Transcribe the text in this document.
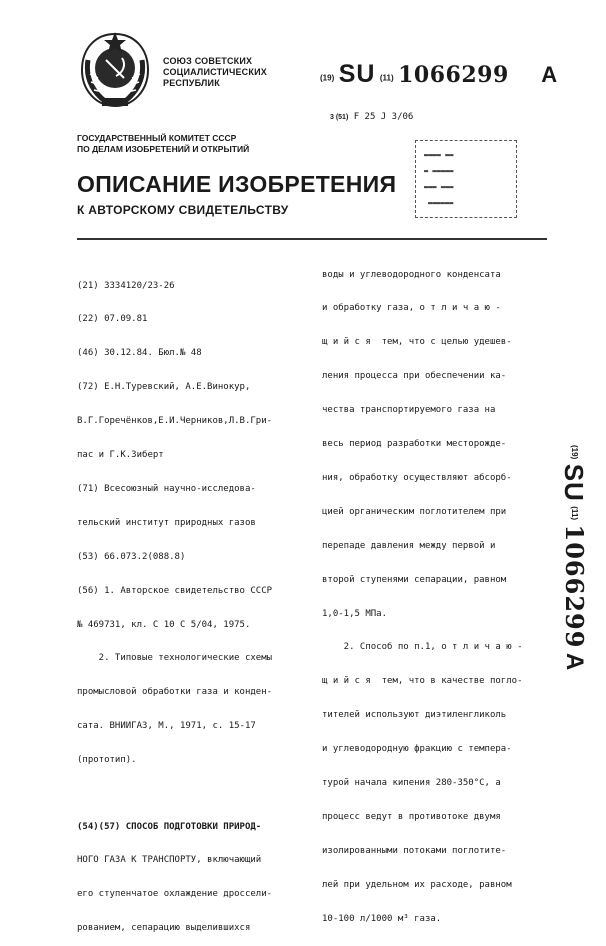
СОЮЗ СОВЕТСКИХ
СОЦИАЛИСТИЧЕСКИХ
РЕСПУБЛИК
(19) SU (11) 1066299 A
3 (51) F 25 J 3/06
ГОСУДАРСТВЕННЫЙ КОМИТЕТ СССР
ПО ДЕЛАМ ИЗОБРЕТЕНИЙ И ОТКРЫТИЙ
ОПИСАНИЕ ИЗОБРЕТЕНИЯ
К АВТОРСКОМУ СВИДЕТЕЛЬСТВУ
▬▬▬▬ ▬▬
▬ ▬▬▬▬▬
▬▬▬ ▬▬▬
▬▬▬▬▬▬

(21) 3334120/23-26

(22) 07.09.81

(46) 30.12.84. Бюл.№ 48

(72) Е.Н.Туревский, А.Е.Винокур,

В.Г.Горечёнков,Е.И.Черников,Л.В.Гри-

пас и Г.К.Зиберт

(71) Всесоюзный научно-исследова-

тельский институт природных газов

(53) 66.073.2(088.8)

(56) 1. Авторское свидетельство СССР

№ 469731, кл. С 10 С 5/04, 1975.

2. Типовые технологические схемы

промысловой обработки газа и конден-

сата. ВНИИГАЗ, М., 1971, с. 15-17

(прототип).

(54)(57) СПОСОБ ПОДГОТОВКИ ПРИРОД-

НОГО ГАЗА К ТРАНСПОРТУ, включающий

его ступенчатое охлаждение дроссели-

рованием, сепарацию выделившихся

воды и углеводородного конденсата

и обработку газа, о т л и ч а ю -

щ и й с я  тем, что с целью удешев-

ления процесса при обеспечении ка-

чества транспортируемого газа на

весь период разработки месторожде-

ния, обработку осуществляют абсорб-

цией органическим поглотителем при

перепаде давления между первой и

второй ступенями сепарации, равном

1,0-1,5 МПа.

2. Способ по п.1, о т л и ч а ю -

щ и й с я  тем, что в качестве погло-

тителей используют диэтиленгликоль

и углеводородную фракцию с темпера-

турой начала кипения 280-350°С, а

процесс ведут в противотоке двумя

изолированными потоками поглотите-

лей при удельном их расходе, равном

10-100 л/1000 м³ газа.

(19) SU (11) 1066299 A
